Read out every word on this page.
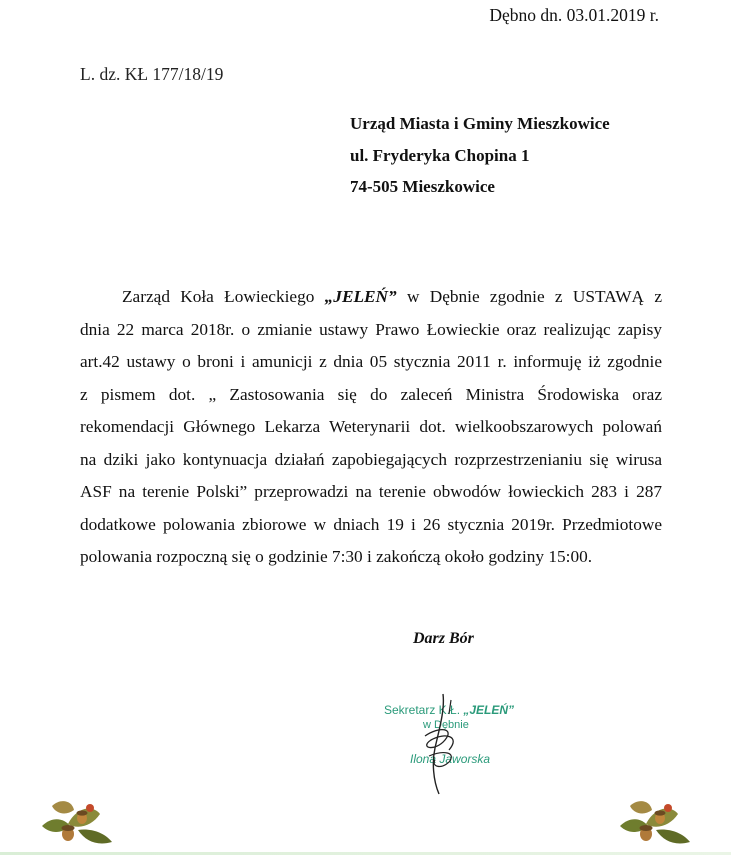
Dębno dn. 03.01.2019 r.
L. dz. KŁ 177/18/19
Urząd Miasta i Gminy Mieszkowice
ul. Fryderyka Chopina 1
74-505 Mieszkowice
Zarząd Koła Łowieckiego „JELEŃ” w Dębnie zgodnie z USTAWĄ z
dnia 22 marca 2018r. o zmianie ustawy Prawo Łowieckie oraz realizując zapisy
art.42 ustawy o broni i amunicji z dnia 05 stycznia 2011 r. informuję iż zgodnie
z pismem dot. „ Zastosowania się do zaleceń Ministra Środowiska oraz
rekomendacji Głównego Lekarza Weterynarii dot. wielkoobszarowych polowań
na dziki jako kontynuacja działań zapobiegających rozprzestrzenianiu się wirusa
ASF na terenie Polski” przeprowadzi na terenie obwodów łowieckich 283 i 287
dodatkowe polowania zbiorowe w dniach 19 i 26 stycznia 2019r. Przedmiotowe
polowania rozpoczną się o godzinie 7:30 i zakończą około godziny 15:00.
Darz Bór
Sekretarz K.Ł. „JELEŃ”
w Dębnie
Ilona Jaworska
